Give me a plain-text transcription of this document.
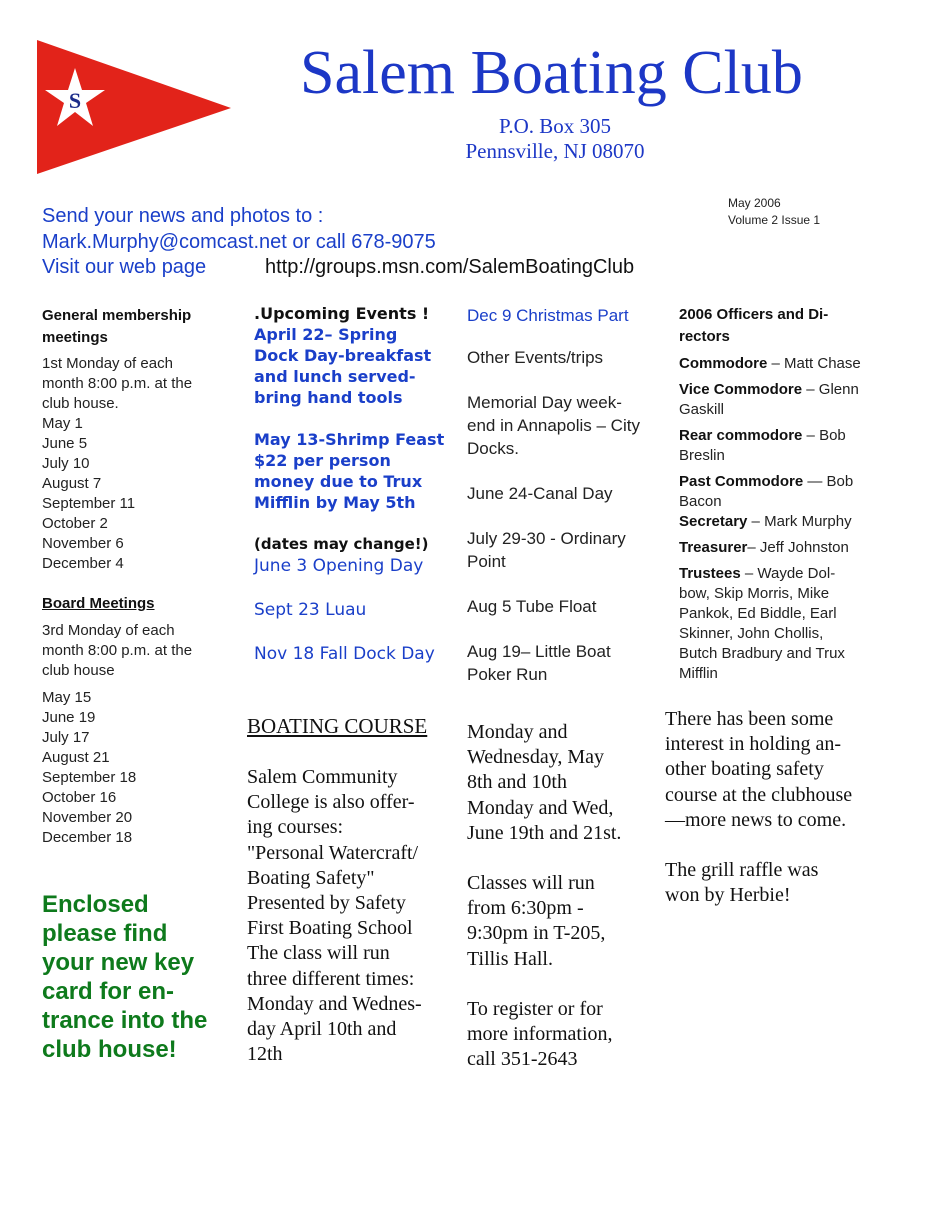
S	Salem Boating Club
P.O. Box 305
Pennsville, NJ 08070
May 2006
Volume 2 Issue 1
Send your news and photos to :
Mark.Murphy@comcast.net or call 678-9075
Visit our web page	http://groups.msn.com/SalemBoatingClub
General membership meetings
1st Monday of each
month 8:00 p.m. at the
club house.
May 1
June 5
July 10
August 7
September 11
October 2
November 6
December 4
Board Meetings
3rd Monday of each
month 8:00 p.m. at the
club house
May 15
June 19
July 17
August 21
September 18
October 16
November 20
December 18
Enclosed
please find
your new key
card for en-
trance into the
club house!
.Upcoming Events !
April 22– Spring
Dock Day-breakfast
and lunch served-
bring hand tools
May 13-Shrimp Feast
$22 per person
money due to Trux
Mifflin by May 5th
(dates may change!)
June 3 Opening Day
Sept 23 Luau
Nov 18 Fall Dock Day
BOATING COURSE
Salem Community
College is also offer-
ing courses:
"Personal Watercraft/
Boating Safety"
Presented by Safety
First Boating School
The class will run
three different times:
Monday and Wednes-
day April 10th and
12th
Dec 9 Christmas Part
Other Events/trips
Memorial Day week-
end in Annapolis – City
Docks.
June 24-Canal Day
July 29-30 - Ordinary
Point
Aug 5 Tube Float
Aug 19– Little Boat
Poker Run
Monday and
Wednesday, May
8th and 10th
Monday and Wed,
June 19th and 21st.
Classes will run
from 6:30pm -
9:30pm in T-205,
Tillis Hall.
To register or for
more information,
call 351-2643
2006 Officers and Di-
rectors
Commodore – Matt Chase
Vice Commodore – Glenn
Gaskill
Rear commodore – Bob
Breslin
Past Commodore — Bob
Bacon
Secretary – Mark Murphy
Treasurer– Jeff Johnston
Trustees – Wayde Dol-
bow, Skip Morris, Mike
Pankok, Ed Biddle, Earl
Skinner, John Chollis,
Butch Bradbury and Trux
Mifflin
There has been some
interest in holding an-
other boating safety
course at the clubhouse
—more news to come.
The grill raffle was
won by Herbie!
